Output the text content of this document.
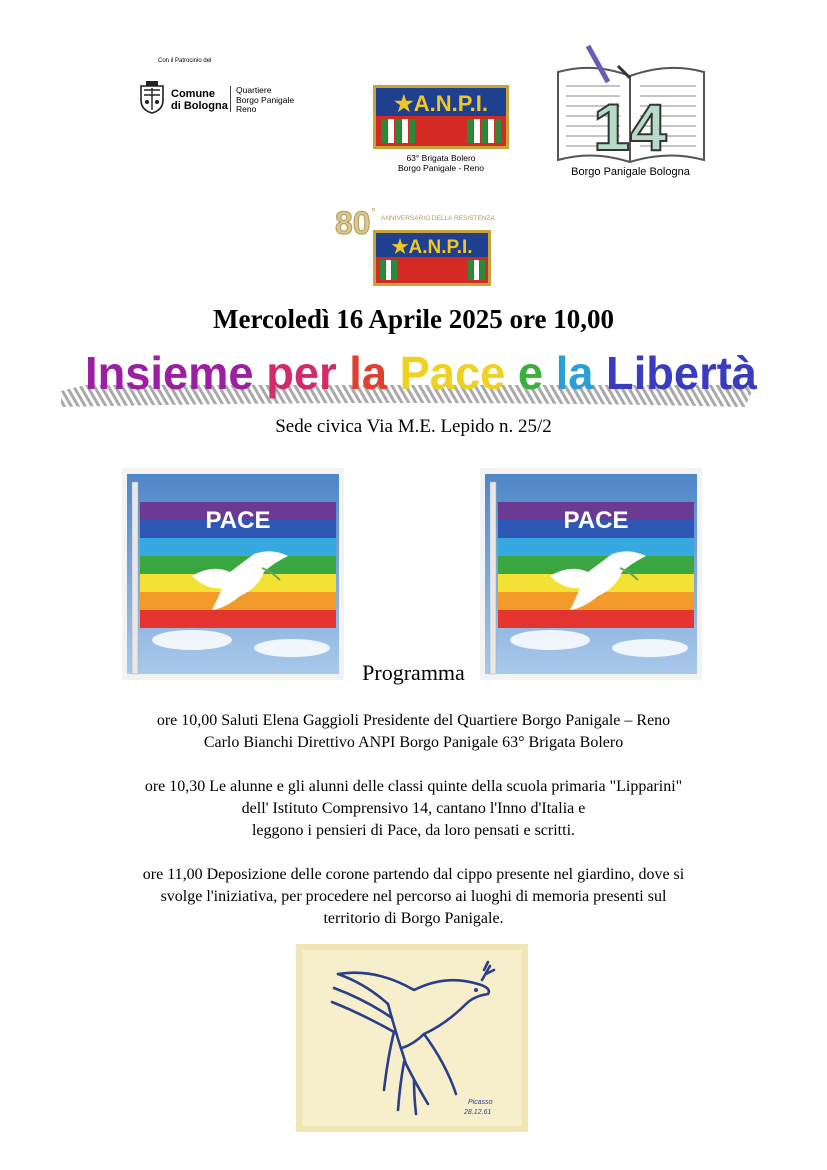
Con il Patrocinio del
Comune
di Bologna
Quartiere
Borgo Panigale
Reno	★A.N.P.I.
63° Brigata Bolero
Borgo Panigale - Reno
14
Borgo Panigale Bologna
80 ° ANNIVERSARIO DELLA RESISTENZA
★A.N.P.I.
Mercoledì 16 Aprile 2025 ore 10,00
Insieme per la Pace e la Libertà
Sede civica Via M.E. Lepido n. 25/2
PACE	PACE
Programma
ore 10,00 Saluti Elena Gaggioli Presidente del Quartiere Borgo Panigale – Reno
Carlo Bianchi Direttivo ANPI Borgo Panigale 63° Brigata Bolero
ore 10,30 Le alunne e gli alunni delle classi quinte della scuola primaria "Lipparini"
dell' Istituto Comprensivo 14, cantano l'Inno d'Italia e
leggono i pensieri di Pace, da loro pensati e scritti.
ore 11,00 Deposizione delle corone partendo dal cippo presente nel giardino, dove si
svolge l'iniziativa, per procedere nel percorso ai luoghi di memoria presenti sul
territorio di Borgo Panigale.
Picasso
28.12.61
